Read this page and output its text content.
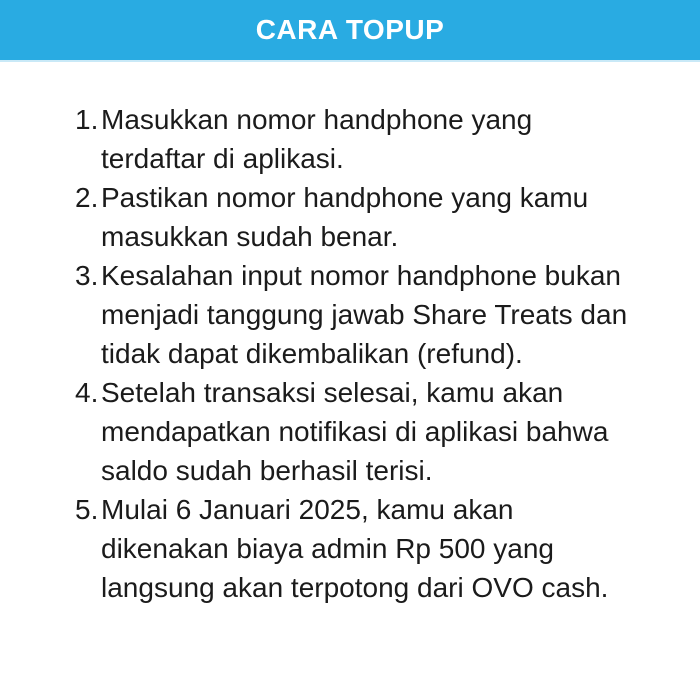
CARA TOPUP
1. Masukkan nomor handphone yang terdaftar di aplikasi.
2. Pastikan nomor handphone yang kamu masukkan sudah benar.
3. Kesalahan input nomor handphone bukan menjadi tanggung jawab Share Treats dan tidak dapat dikembalikan (refund).
4. Setelah transaksi selesai, kamu akan mendapatkan notifikasi di aplikasi bahwa saldo sudah berhasil terisi.
5. Mulai 6 Januari 2025, kamu akan dikenakan biaya admin Rp 500 yang langsung akan terpotong dari OVO cash.
